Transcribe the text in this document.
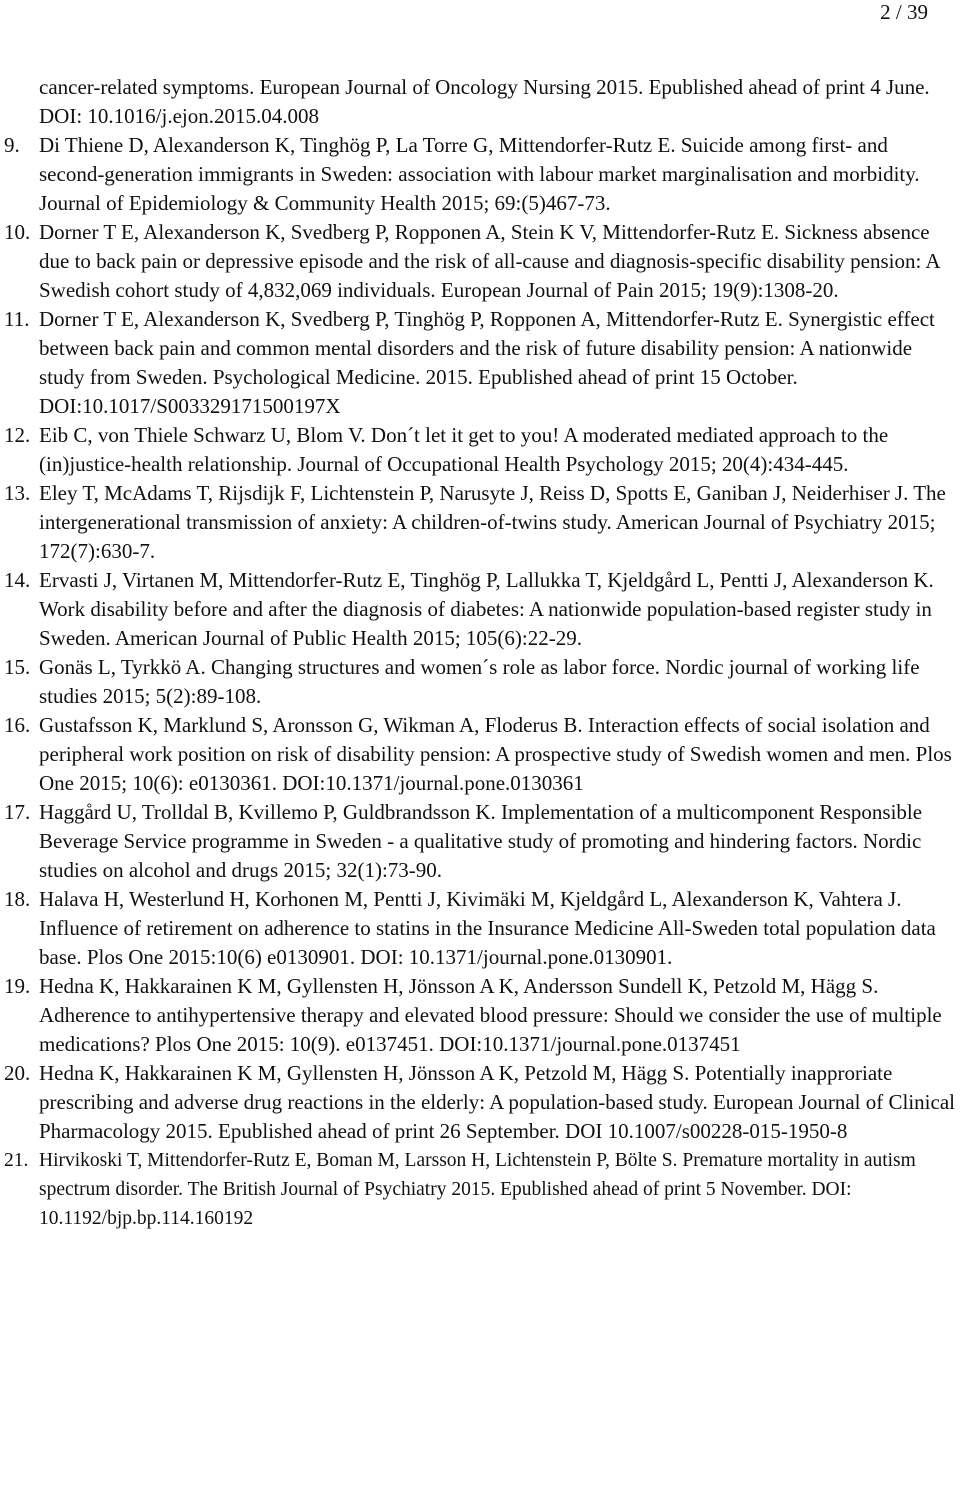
2 / 39
cancer-related symptoms. European Journal of Oncology Nursing 2015. Epublished ahead of print 4 June. DOI: 10.1016/j.ejon.2015.04.008
9. Di Thiene D, Alexanderson K, Tinghög P, La Torre G, Mittendorfer-Rutz E. Suicide among first- and second-generation immigrants in Sweden: association with labour market marginalisation and morbidity. Journal of Epidemiology & Community Health 2015; 69:(5)467-73.
10. Dorner T E, Alexanderson K, Svedberg P, Ropponen A, Stein K V, Mittendorfer-Rutz E. Sickness absence due to back pain or depressive episode and the risk of all-cause and diagnosis-specific disability pension: A Swedish cohort study of 4,832,069 individuals. European Journal of Pain 2015; 19(9):1308-20.
11. Dorner T E, Alexanderson K, Svedberg P, Tinghög P, Ropponen A, Mittendorfer-Rutz E. Synergistic effect between back pain and common mental disorders and the risk of future disability pension: A nationwide study from Sweden. Psychological Medicine. 2015. Epublished ahead of print 15 October. DOI:10.1017/S003329171500197X
12. Eib C, von Thiele Schwarz U, Blom V. Don´t let it get to you! A moderated mediated approach to the (in)justice-health relationship. Journal of Occupational Health Psychology 2015; 20(4):434-445.
13. Eley T, McAdams T, Rijsdijk F, Lichtenstein P, Narusyte J, Reiss D, Spotts E, Ganiban J, Neiderhiser J. The intergenerational transmission of anxiety: A children-of-twins study. American Journal of Psychiatry 2015; 172(7):630-7.
14. Ervasti J, Virtanen M, Mittendorfer-Rutz E, Tinghög P, Lallukka T, Kjeldgård L, Pentti J, Alexanderson K. Work disability before and after the diagnosis of diabetes: A nationwide population-based register study in Sweden. American Journal of Public Health 2015; 105(6):22-29.
15. Gonäs L, Tyrkkö A. Changing structures and women´s role as labor force. Nordic journal of working life studies 2015; 5(2):89-108.
16. Gustafsson K, Marklund S, Aronsson G, Wikman A, Floderus B. Interaction effects of social isolation and peripheral work position on risk of disability pension: A prospective study of Swedish women and men. Plos One 2015; 10(6): e0130361. DOI:10.1371/journal.pone.0130361
17. Haggård U, Trolldal B, Kvillemo P, Guldbrandsson K. Implementation of a multicomponent Responsible Beverage Service programme in Sweden - a qualitative study of promoting and hindering factors. Nordic studies on alcohol and drugs 2015; 32(1):73-90.
18. Halava H, Westerlund H, Korhonen M, Pentti J, Kivimäki M, Kjeldgård L, Alexanderson K, Vahtera J. Influence of retirement on adherence to statins in the Insurance Medicine All-Sweden total population data base. Plos One 2015:10(6) e0130901. DOI: 10.1371/journal.pone.0130901.
19. Hedna K, Hakkarainen K M, Gyllensten H, Jönsson A K, Andersson Sundell K, Petzold M, Hägg S. Adherence to antihypertensive therapy and elevated blood pressure: Should we consider the use of multiple medications? Plos One 2015: 10(9). e0137451. DOI:10.1371/journal.pone.0137451
20. Hedna K, Hakkarainen K M, Gyllensten H, Jönsson A K, Petzold M, Hägg S. Potentially inapproriate prescribing and adverse drug reactions in the elderly: A population-based study. European Journal of Clinical Pharmacology 2015. Epublished ahead of print 26 September. DOI 10.1007/s00228-015-1950-8
21. Hirvikoski T, Mittendorfer-Rutz E, Boman M, Larsson H, Lichtenstein P, Bölte S. Premature mortality in autism spectrum disorder. The British Journal of Psychiatry 2015. Epublished ahead of print 5 November. DOI: 10.1192/bjp.bp.114.160192
